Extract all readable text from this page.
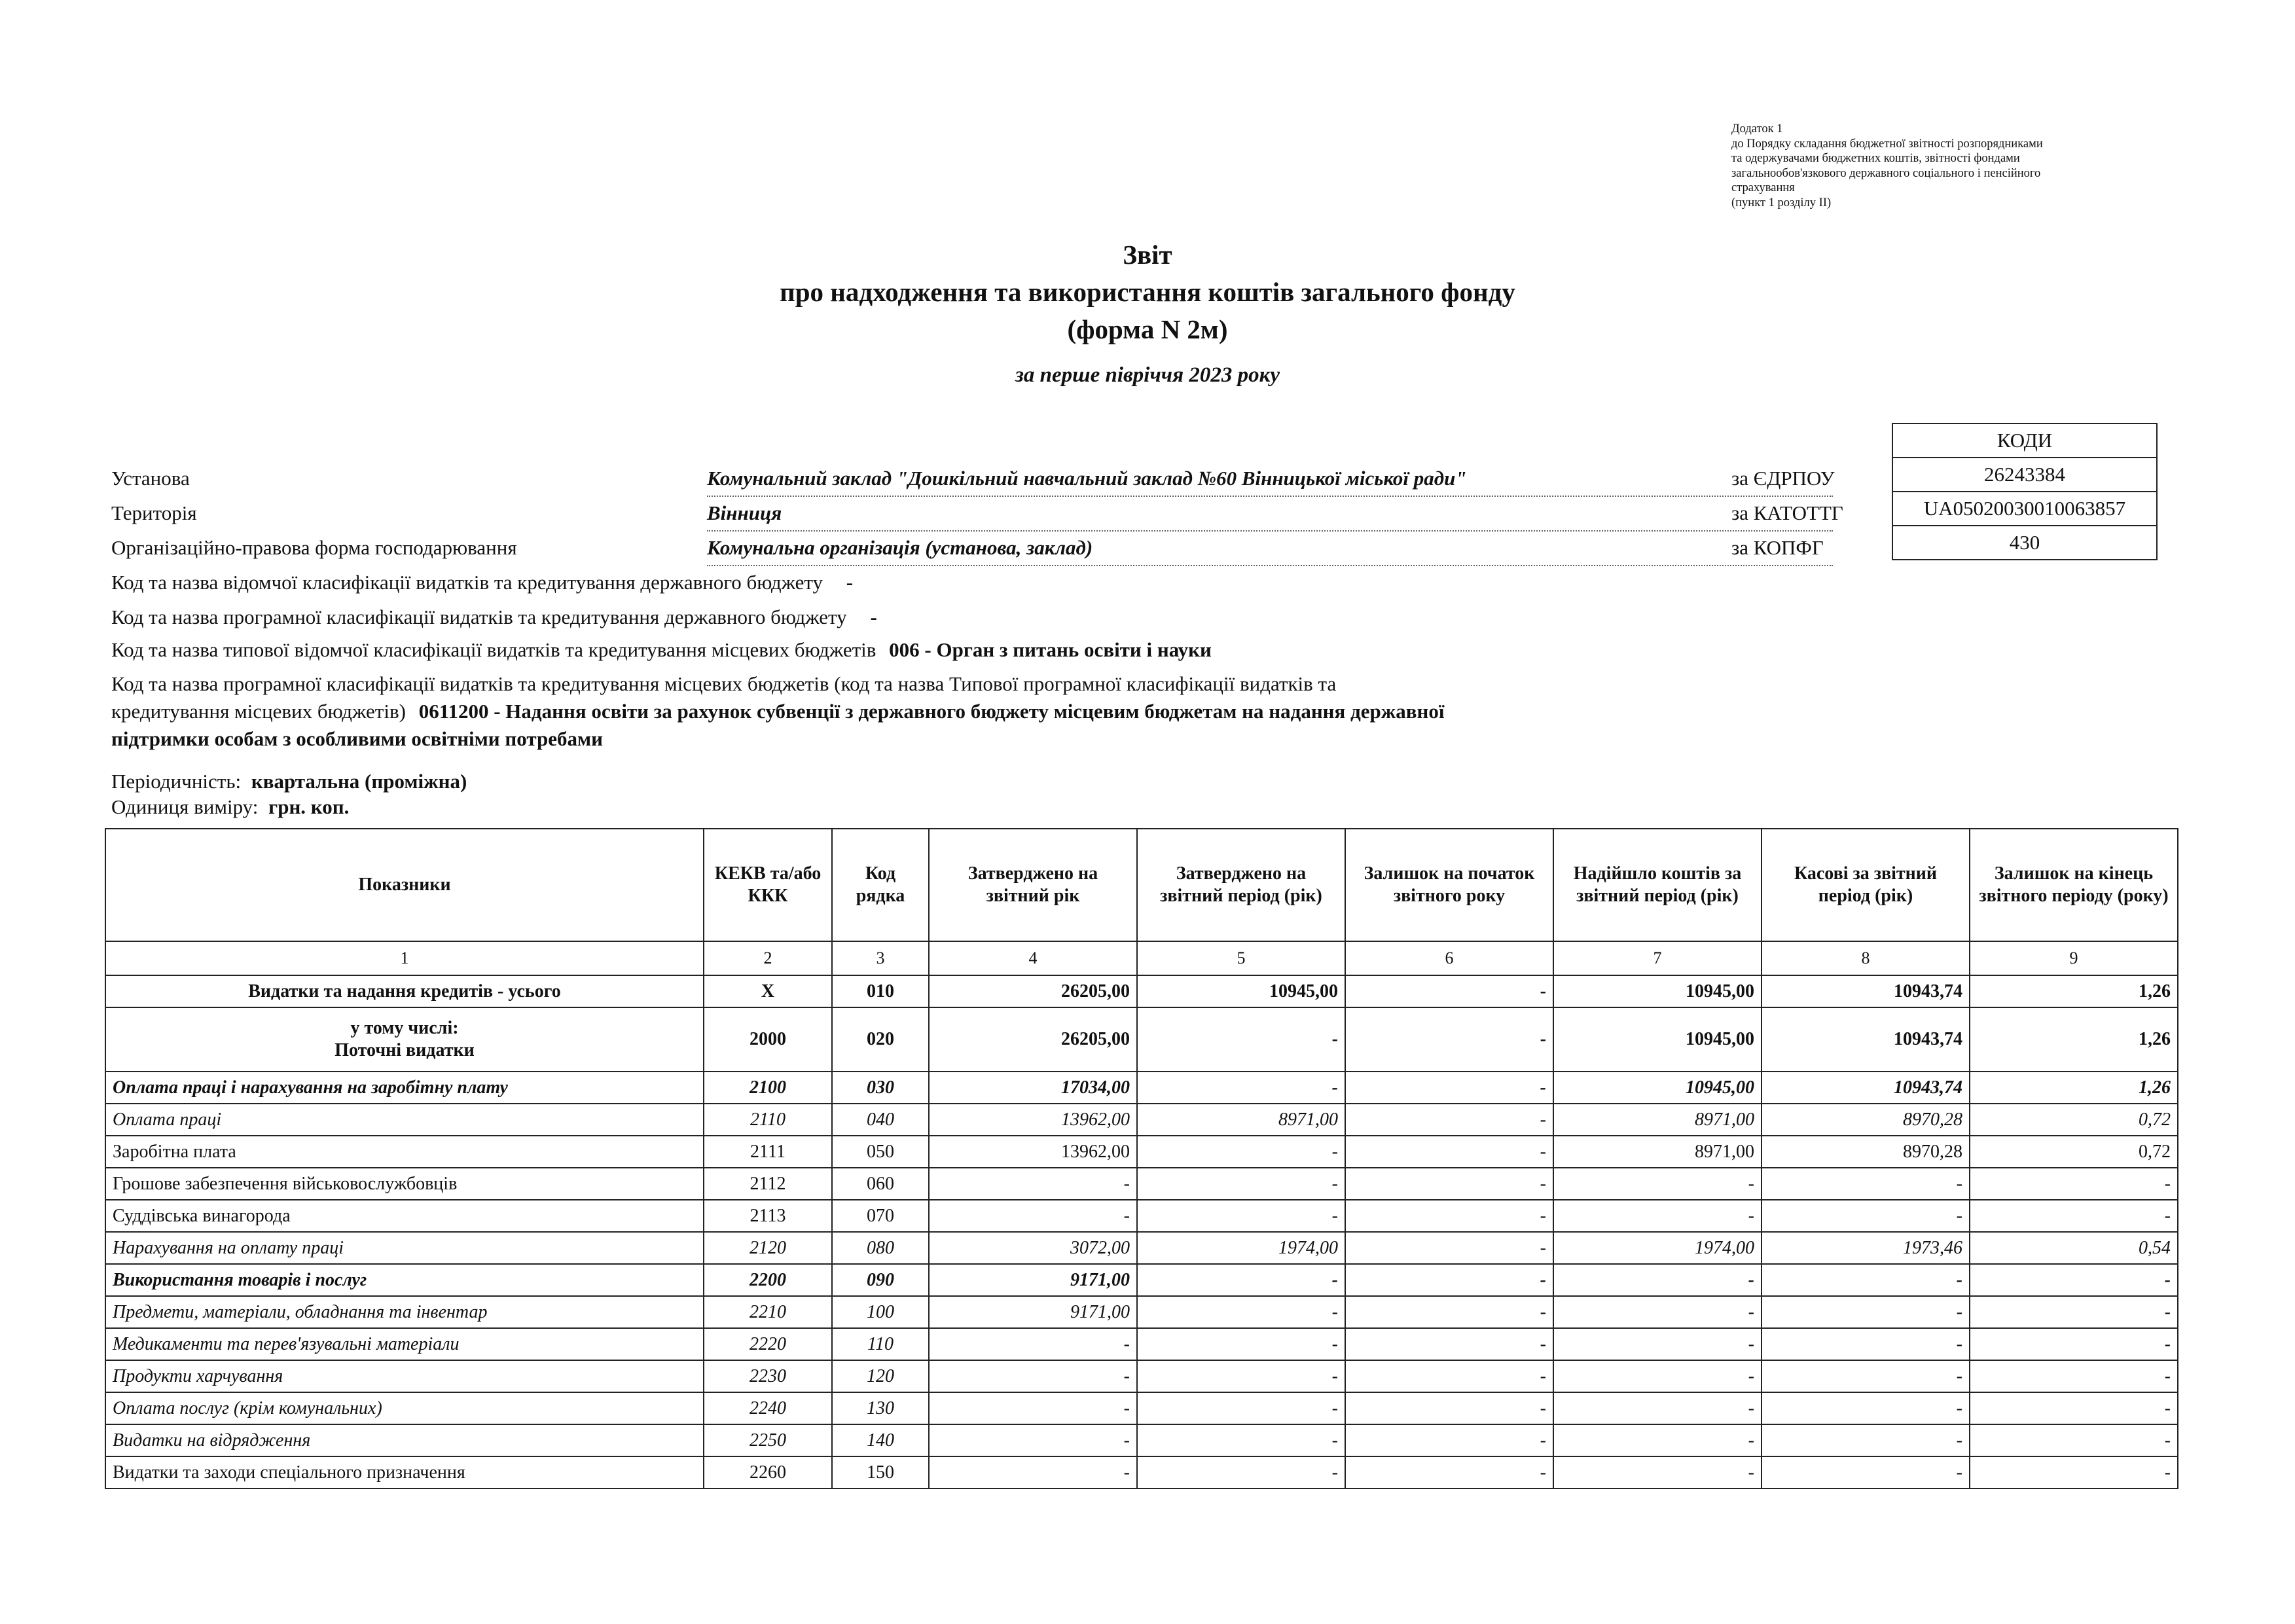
Додаток 1
до Порядку складання бюджетної звітності розпорядниками
та одержувачами бюджетних коштів, звітності фондами
загальнообов'язкового державного соціального і пенсійного
страхування
(пункт 1 розділу II)
Звіт
про надходження та використання коштів загального фонду
(форма N 2м)
за перше півріччя 2023 року
КОДИ
26243384
UA05020030010063857
430
Установа	Комунальний заклад "Дошкільний навчальний заклад №60 Вінницької міської ради"	за ЄДРПОУ
Територія	Вінниця	за КАТОТТГ
Організаційно-правова форма господарювання	Комунальна організація (установа, заклад)	за КОПФГ
Код та назва відомчої класифікації видатків та кредитування державного бюджету -
Код та назва програмної класифікації видатків та кредитування державного бюджету -
Код та назва типової відомчої класифікації видатків та кредитування місцевих бюджетів 006 - Орган з питань освіти і науки
Код та назва програмної класифікації видатків та кредитування місцевих бюджетів (код та назва Типової програмної класифікації видатків та
кредитування місцевих бюджетів) 0611200 - Надання освіти за рахунок субвенції з державного бюджету місцевим бюджетам на надання державної
підтримки особам з особливими освітніми потребами
Періодичність: квартальна (проміжна)
Одиниця виміру: грн. коп.
Показники	КЕКВ та/або ККК	Код рядка	Затверджено на звітний рік	Затверджено на звітний період (рік)	Залишок на початок звітного року	Надійшло коштів за звітний період (рік)	Касові за звітний період (рік)	Залишок на кінець звітного періоду (року)
1	2	3	4	5	6	7	8	9
Видатки та надання кредитів - усього	Х	010	26205,00	10945,00	-	10945,00	10943,74	1,26

у тому числі:
Поточні видатки	2000	020	26205,00	-	-	10945,00	10943,74	1,26
Оплата праці і нарахування на заробітну плату	2100	030	17034,00	-	-	10945,00	10943,74	1,26
Оплата праці	2110	040	13962,00	8971,00	-	8971,00	8970,28	0,72
Заробітна плата	2111	050	13962,00	-	-	8971,00	8970,28	0,72
Грошове забезпечення військовослужбовців	2112	060	-	-	-	-	-	-
Суддівська винагорода	2113	070	-	-	-	-	-	-
Нарахування на оплату праці	2120	080	3072,00	1974,00	-	1974,00	1973,46	0,54
Використання товарів і послуг	2200	090	9171,00	-	-	-	-	-
Предмети, матеріали, обладнання та інвентар	2210	100	9171,00	-	-	-	-	-
Медикаменти та перев'язувальні матеріали	2220	110	-	-	-	-	-	-
Продукти харчування	2230	120	-	-	-	-	-	-
Оплата послуг (крім комунальних)	2240	130	-	-	-	-	-	-
Видатки на відрядження	2250	140	-	-	-	-	-	-
Видатки та заходи спеціального призначення	2260	150	-	-	-	-	-	-
